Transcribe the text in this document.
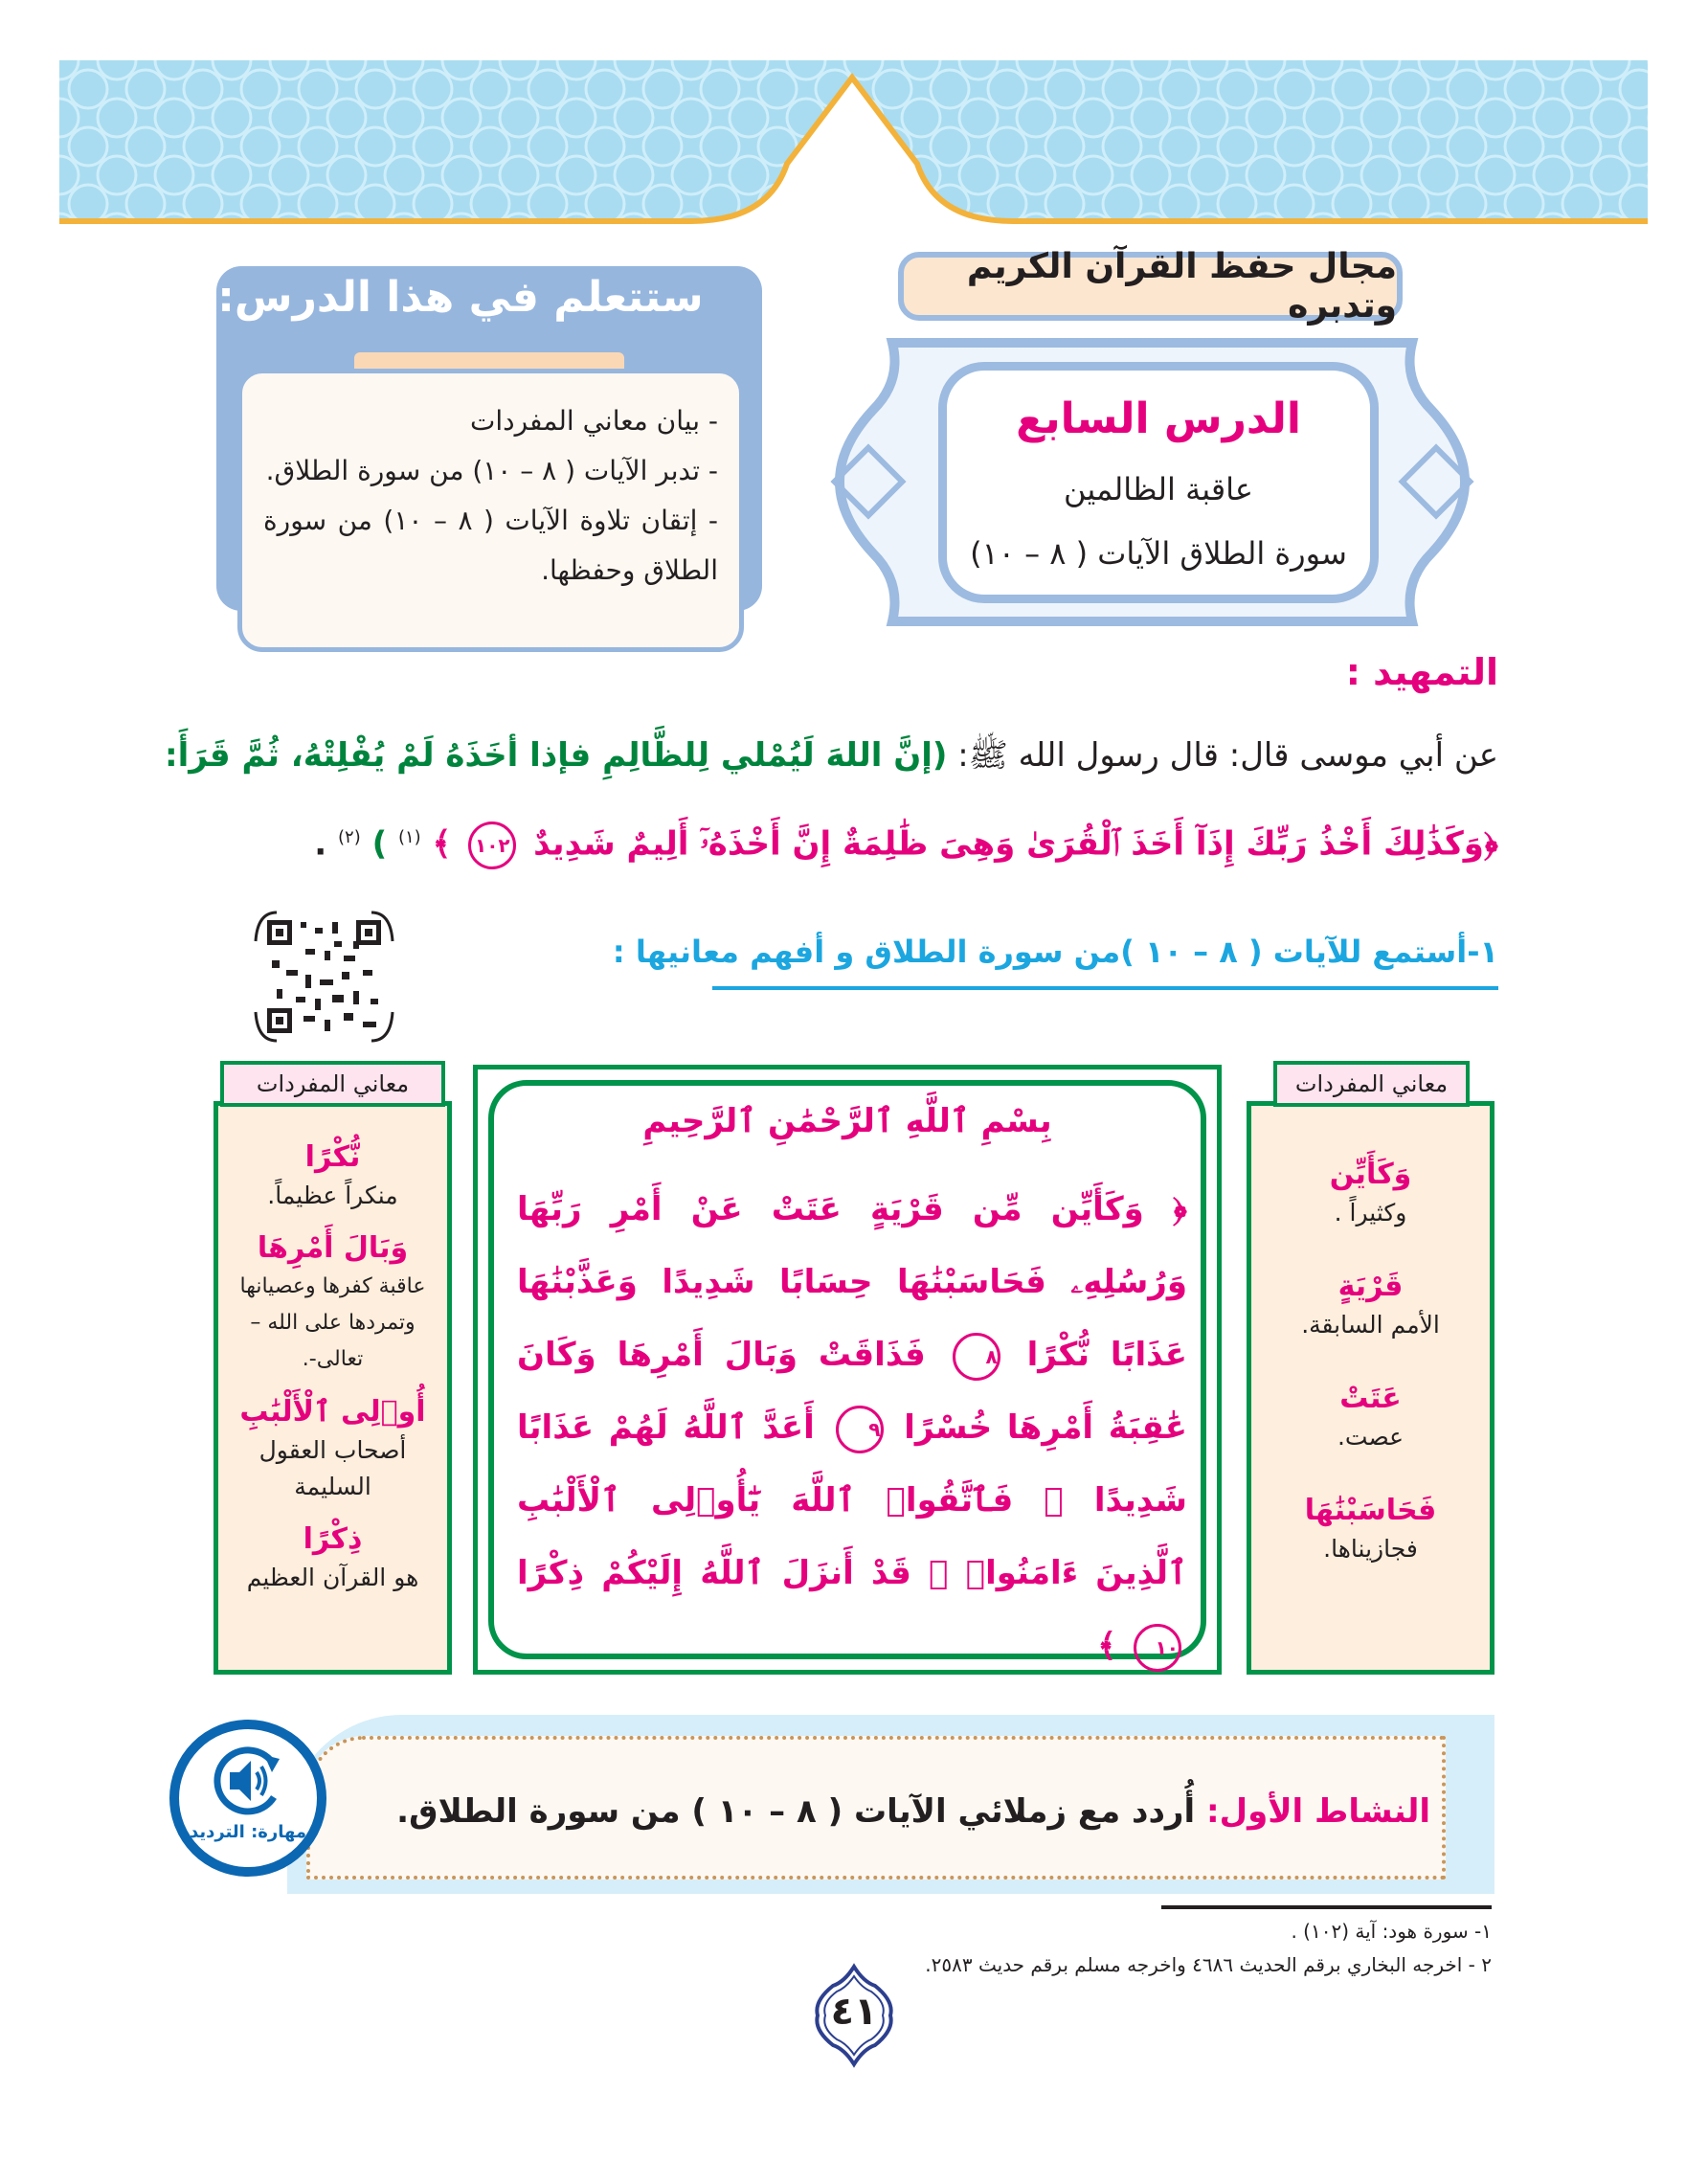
مجال حفظ القرآن الكريم وتدبره
الدرس السابع
عاقبة الظالمين
سورة الطلاق الآيات ( ٨ – ١٠)
ستتعلم في هذا الدرس:
- بيان معاني المفردات
- تدبر الآيات ( ٨ – ١٠) من سورة الطلاق.
- إتقان تلاوة الآيات ( ٨ – ١٠) من سورة الطلاق وحفظها.
التمهيد :
عن أبي موسى قال: قال رسول الله ﷺ: (إنَّ اللهَ لَيُمْلي لِلظَّالِمِ فإذا أخَذَهُ لَمْ يُفْلِتْهُ، ثُمَّ قَرَأَ:
﴿وَكَذَٰلِكَ أَخْذُ رَبِّكَ إِذَآ أَخَذَ ٱلْقُرَىٰ وَهِىَ ظَٰلِمَةٌ إِنَّ أَخْذَهُۥٓ أَلِيمٌ شَدِيدٌ ١٠٢ ﴾ $^{(١)}$ ) $^{(٢)}$ .
١-أستمع للآيات ( ٨ – ١٠ )من سورة الطلاق و أفهم معانيها :
وَكَأَيِّن
وكثيراً .
قَرْيَةٍ
الأمم السابقة.
عَتَتْ
عصت.
فَحَاسَبْنَٰهَا
فجازيناها.
معاني المفردات
بِسْمِ ٱللَّهِ ٱلرَّحْمَٰنِ ٱلرَّحِيمِ
﴿ وَكَأَيِّن مِّن قَرْيَةٍ عَتَتْ عَنْ أَمْرِ رَبِّهَا وَرُسُلِهِۦ فَحَاسَبْنَٰهَا حِسَابًا شَدِيدًا وَعَذَّبْنَٰهَا عَذَابًا نُّكْرًا ٨ فَذَاقَتْ وَبَالَ أَمْرِهَا وَكَانَ عَٰقِبَةُ أَمْرِهَا خُسْرًا ٩ أَعَدَّ ٱللَّهُ لَهُمْ عَذَابًا شَدِيدًا ۖ فَٱتَّقُوا۟ ٱللَّهَ يَٰٓأُو۟لِى ٱلْأَلْبَٰبِ ٱلَّذِينَ ءَامَنُوا۟ ۚ قَدْ أَنزَلَ ٱللَّهُ إِلَيْكُمْ ذِكْرًا ١٠ ﴾
نُّكْرًا
منكراً عظيماً.
وَبَالَ أَمْرِهَا
عاقبة كفرها وعصيانها وتمردها على الله – تعالى-.
أُو۟لِى ٱلْأَلْبَٰبِ
أصحاب العقول السليمة
ذِكْرًا
هو القرآن العظيم
معاني المفردات
النشاط الأول: أُردد مع زملائي الآيات ( ٨ – ١٠ ) من سورة الطلاق.
مهارة: الترديد
١- سورة هود: آية (١٠٢) .
٢ - اخرجه البخاري برقم الحديث ٤٦٨٦ واخرجه مسلم برقم حديث ٢٥٨٣.
٤١
